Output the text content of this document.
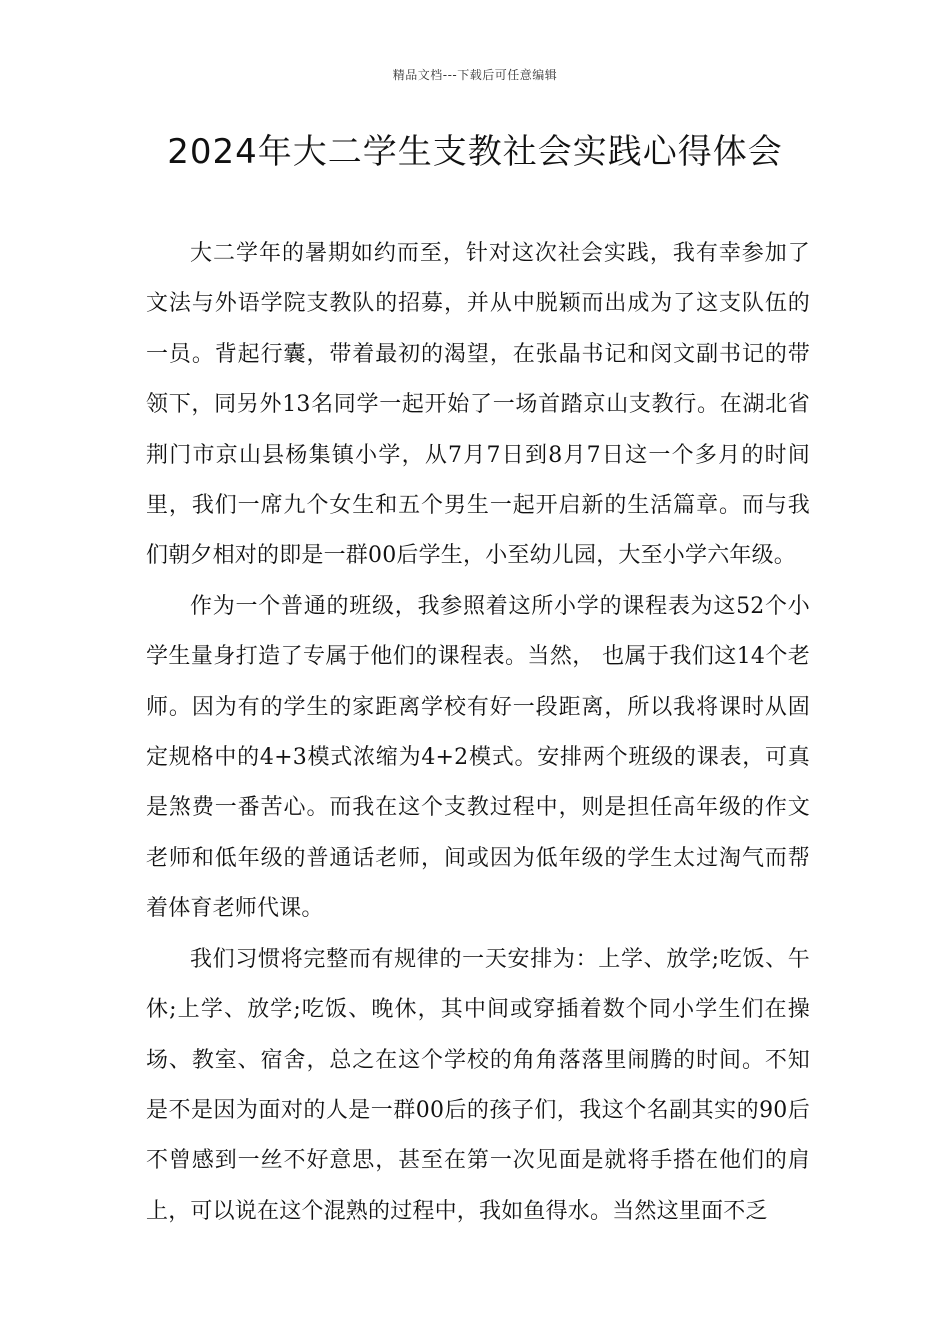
精品文档---下载后可任意编辑
2024年大二学生支教社会实践心得体会

大二学年的暑期如约而至，针对这次社会实践，我有幸参加了文法与外语学院支教队的招募，并从中脱颖而出成为了这支队伍的一员。背起行囊，带着最初的渴望，在张晶书记和闵文副书记的带领下，同另外13名同学一起开始了一场首踏京山支教行。在湖北省荆门市京山县杨集镇小学，从7月7日到8月7日这一个多月的时间里，我们一席九个女生和五个男生一起开启新的生活篇章。而与我们朝夕相对的即是一群00后学生，小至幼儿园，大至小学六年级。

作为一个普通的班级，我参照着这所小学的课程表为这52个小学生量身打造了专属于他们的课程表。当然， 也属于我们这14个老师。因为有的学生的家距离学校有好一段距离，所以我将课时从固定规格中的4+3模式浓缩为4+2模式。安排两个班级的课表，可真是煞费一番苦心。而我在这个支教过程中，则是担任高年级的作文老师和低年级的普通话老师，间或因为低年级的学生太过淘气而帮着体育老师代课。

我们习惯将完整而有规律的一天安排为：上学、放学;吃饭、午休;上学、放学;吃饭、晚休，其中间或穿插着数个同小学生们在操场、教室、宿舍，总之在这个学校的角角落落里闹腾的时间。不知是不是因为面对的人是一群00后的孩子们，我这个名副其实的90后不曾感到一丝不好意思，甚至在第一次见面是就将手搭在他们的肩上，可以说在这个混熟的过程中，我如鱼得水。当然这里面不乏
